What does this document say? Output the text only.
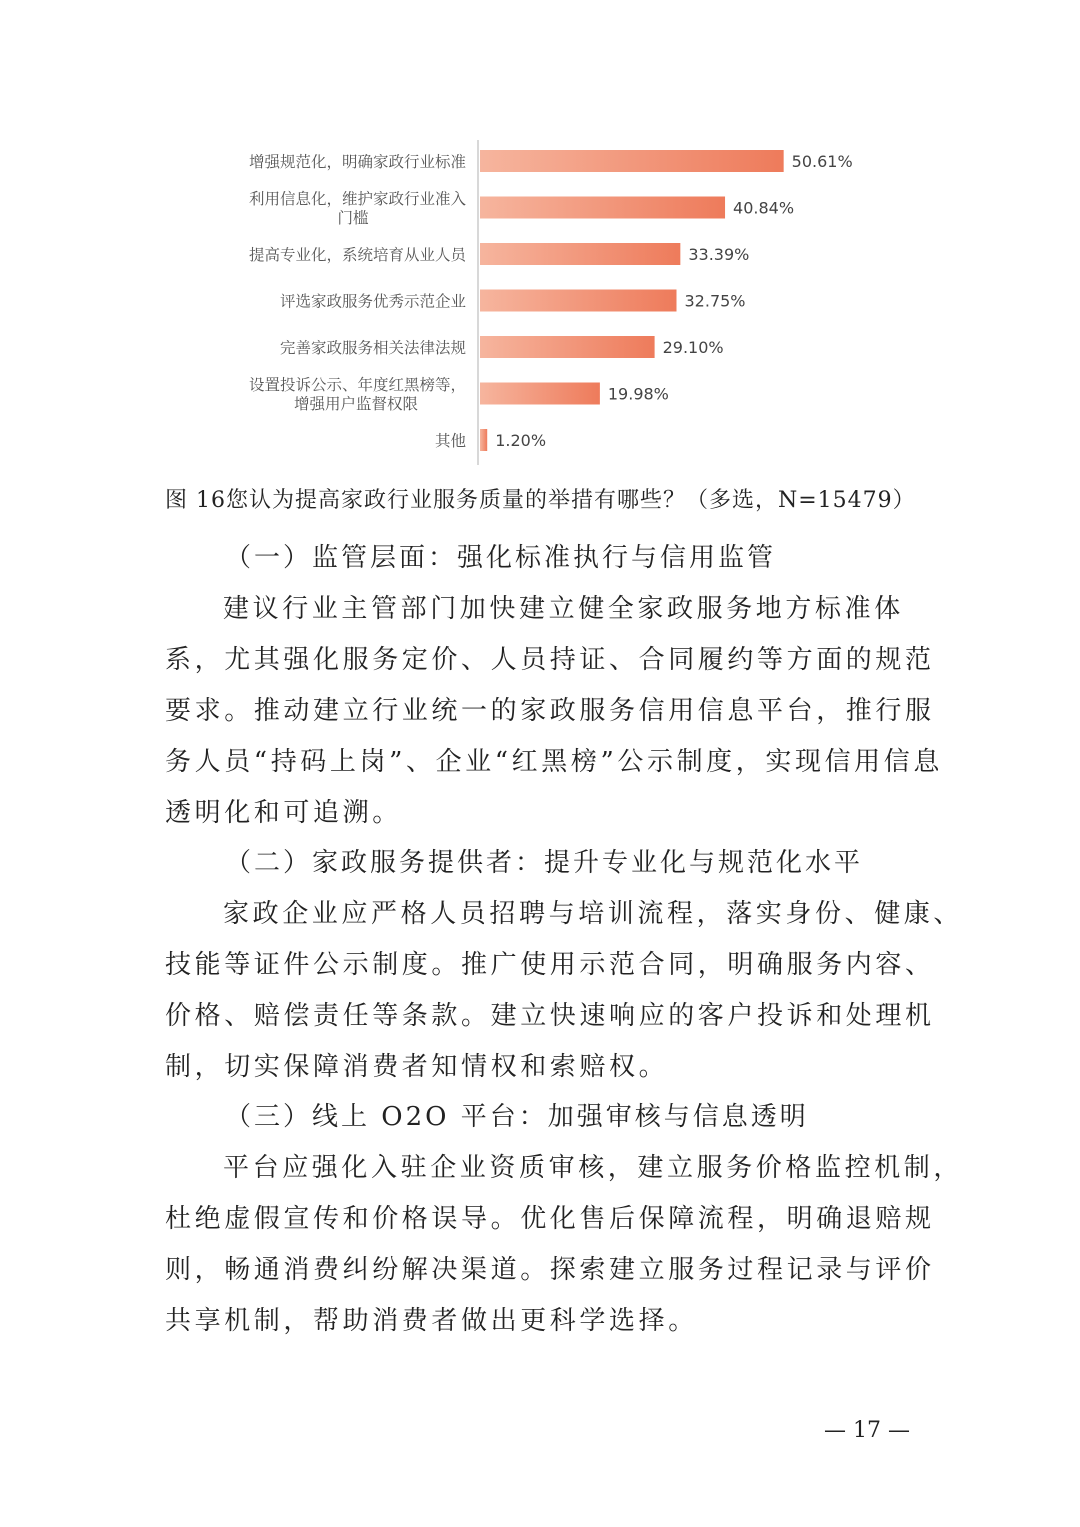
50.61%
增强规范化，明确家政行业标准
40.84%
利用信息化，维护家政行业准入
门槛
33.39%
提高专业化，系统培育从业人员
32.75%
评选家政服务优秀示范企业
29.10%
完善家政服务相关法律法规
19.98%
设置投诉公示、年度红黑榜等，
增强用户监督权限
1.20%
其他
图 16您认为提高家政行业服务质量的举措有哪些？（多选，N=15479）
（一）监管层面：强化标准执行与信用监管
建议行业主管部门加快建立健全家政服务地方标准体
系，尤其强化服务定价、人员持证、合同履约等方面的规范
要求。推动建立行业统一的家政服务信用信息平台，推行服
务人员“持码上岗”、企业“红黑榜”公示制度，实现信用信息
透明化和可追溯。
（二）家政服务提供者：提升专业化与规范化水平
家政企业应严格人员招聘与培训流程，落实身份、健康、
技能等证件公示制度。推广使用示范合同，明确服务内容、
价格、赔偿责任等条款。建立快速响应的客户投诉和处理机
制，切实保障消费者知情权和索赔权。
（三）线上 O2O 平台：加强审核与信息透明
平台应强化入驻企业资质审核，建立服务价格监控机制，
杜绝虚假宣传和价格误导。优化售后保障流程，明确退赔规
则，畅通消费纠纷解决渠道。探索建立服务过程记录与评价
共享机制，帮助消费者做出更科学选择。
— 17 —
